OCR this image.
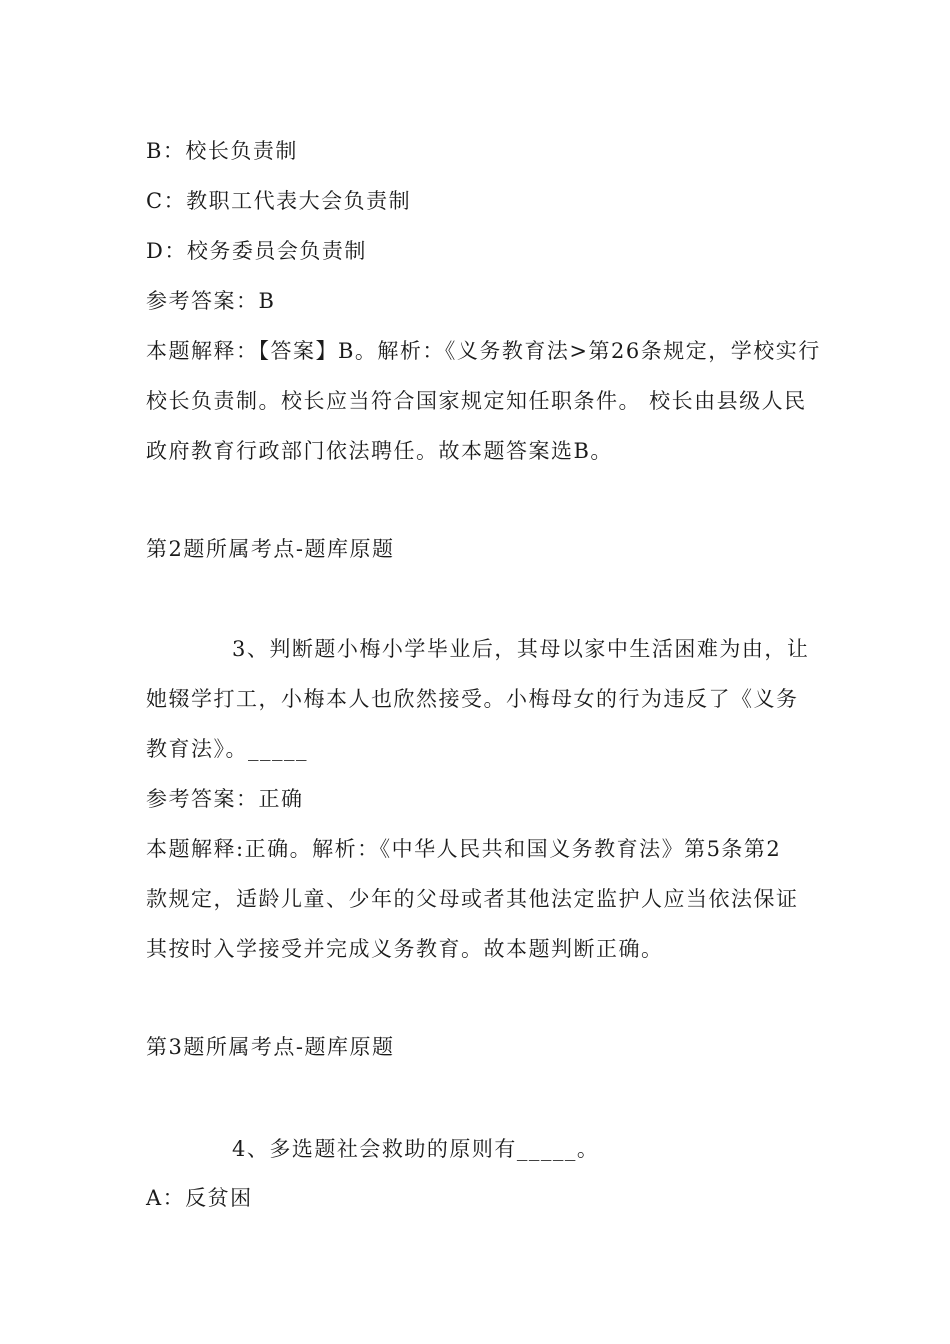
B：校长负责制
C：教职工代表大会负责制
D：校务委员会负责制
参考答案：B
本题解释：【答案】B。解析：《义务教育法>第26条规定，学校实行
校长负责制。校长应当符合国家规定知任职条件。 校长由县级人民
政府教育行政部门依法聘任。故本题答案选B。
第2题所属考点-题库原题
3、判断题小梅小学毕业后，其母以家中生活困难为由，让
她辍学打工，小梅本人也欣然接受。小梅母女的行为违反了《义务
教育法》。_____
参考答案：正确
本题解释:正确。解析：《中华人民共和国义务教育法》第5条第2
款规定，适龄儿童、少年的父母或者其他法定监护人应当依法保证
其按时入学接受并完成义务教育。故本题判断正确。
第3题所属考点-题库原题
4、多选题社会救助的原则有_____。
A：反贫困
